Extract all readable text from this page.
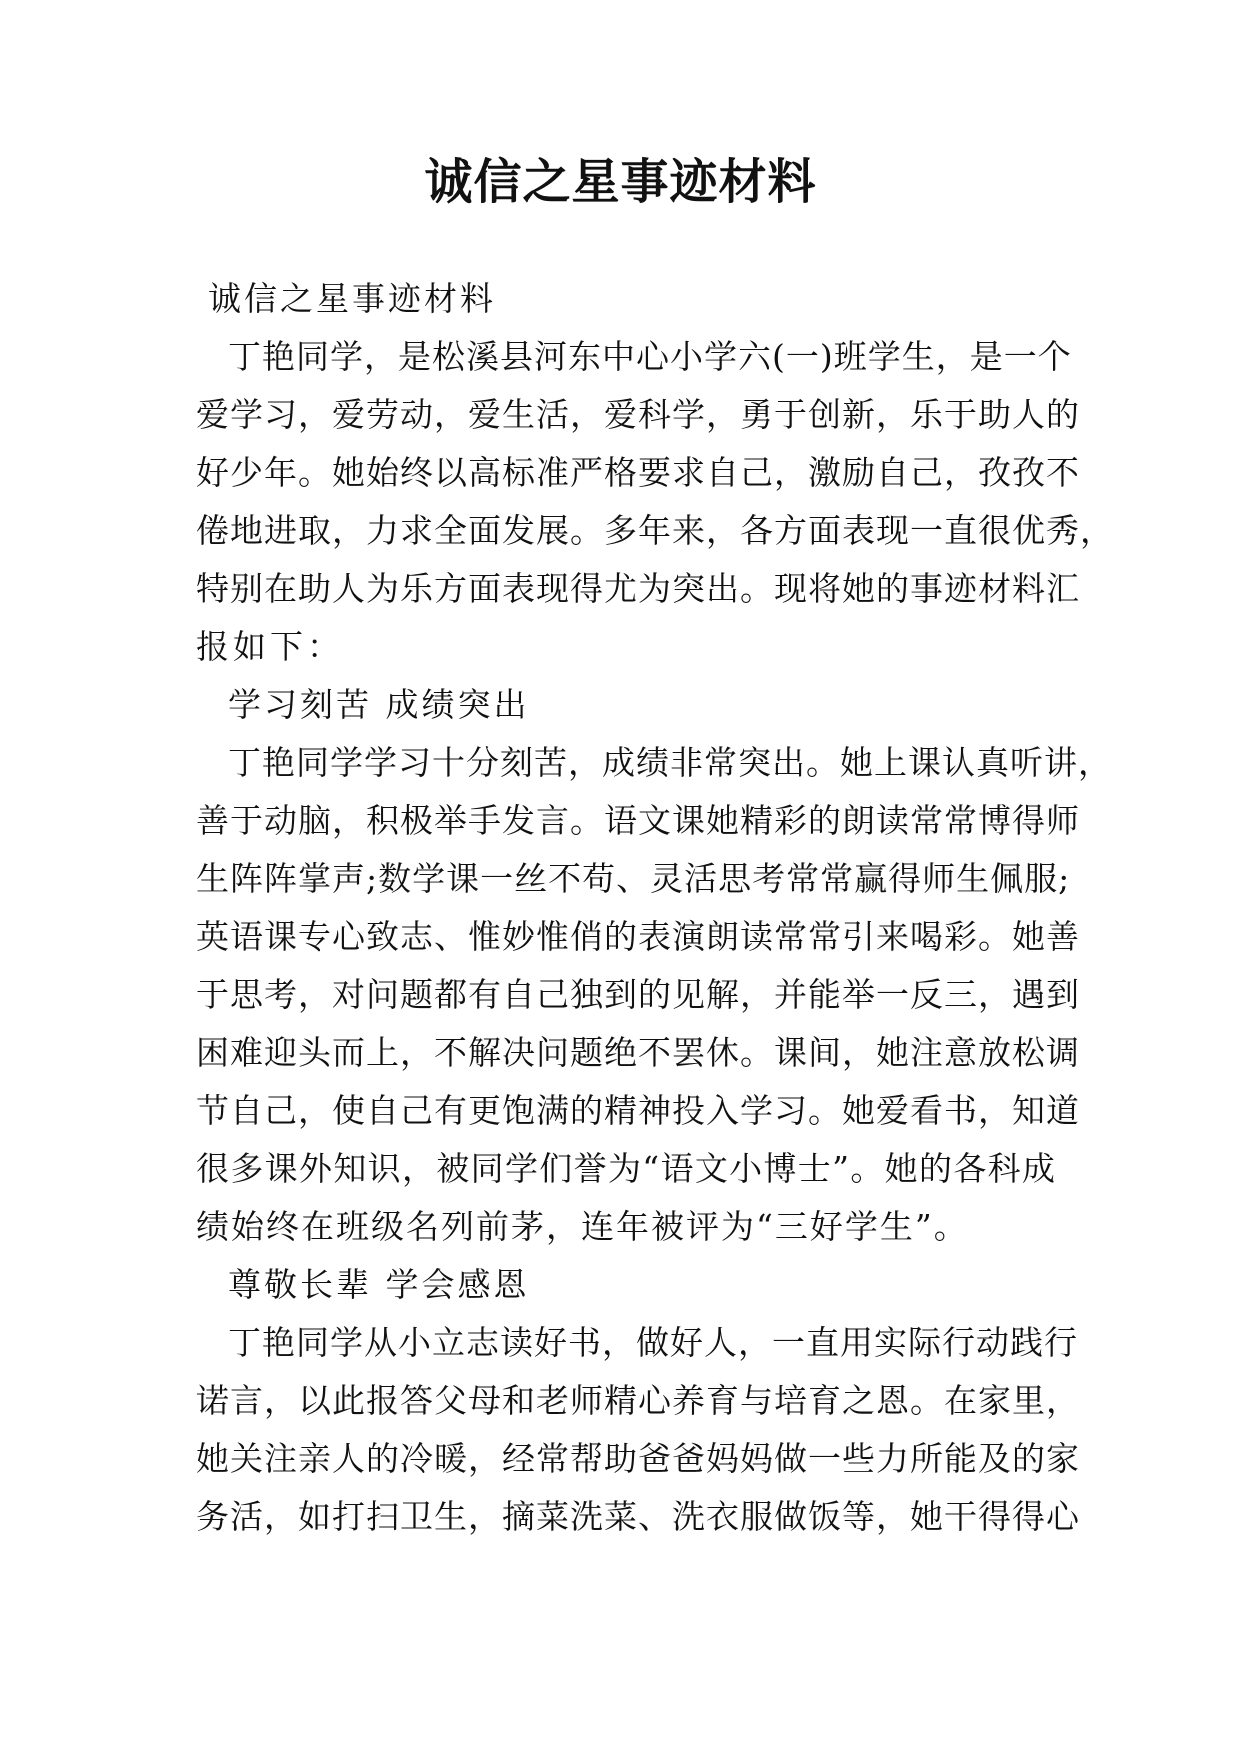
诚信之星事迹材料
诚信之星事迹材料
丁艳同学，是松溪县河东中心小学六(一)班学生，是一个
爱学习，爱劳动，爱生活，爱科学，勇于创新，乐于助人的
好少年。她始终以高标准严格要求自己，激励自己，孜孜不
倦地进取，力求全面发展。多年来，各方面表现一直很优秀，
特别在助人为乐方面表现得尤为突出。现将她的事迹材料汇
报如下：
学习刻苦 成绩突出
丁艳同学学习十分刻苦，成绩非常突出。她上课认真听讲，
善于动脑，积极举手发言。语文课她精彩的朗读常常博得师
生阵阵掌声;数学课一丝不苟、灵活思考常常赢得师生佩服;
英语课专心致志、惟妙惟俏的表演朗读常常引来喝彩。她善
于思考，对问题都有自己独到的见解，并能举一反三，遇到
困难迎头而上，不解决问题绝不罢休。课间，她注意放松调
节自己，使自己有更饱满的精神投入学习。她爱看书，知道
很多课外知识，被同学们誉为“语文小博士”。她的各科成
绩始终在班级名列前茅，连年被评为“三好学生”。
尊敬长辈 学会感恩
丁艳同学从小立志读好书，做好人，一直用实际行动践行
诺言，以此报答父母和老师精心养育与培育之恩。在家里，
她关注亲人的冷暖，经常帮助爸爸妈妈做一些力所能及的家
务活，如打扫卫生，摘菜洗菜、洗衣服做饭等，她干得得心
